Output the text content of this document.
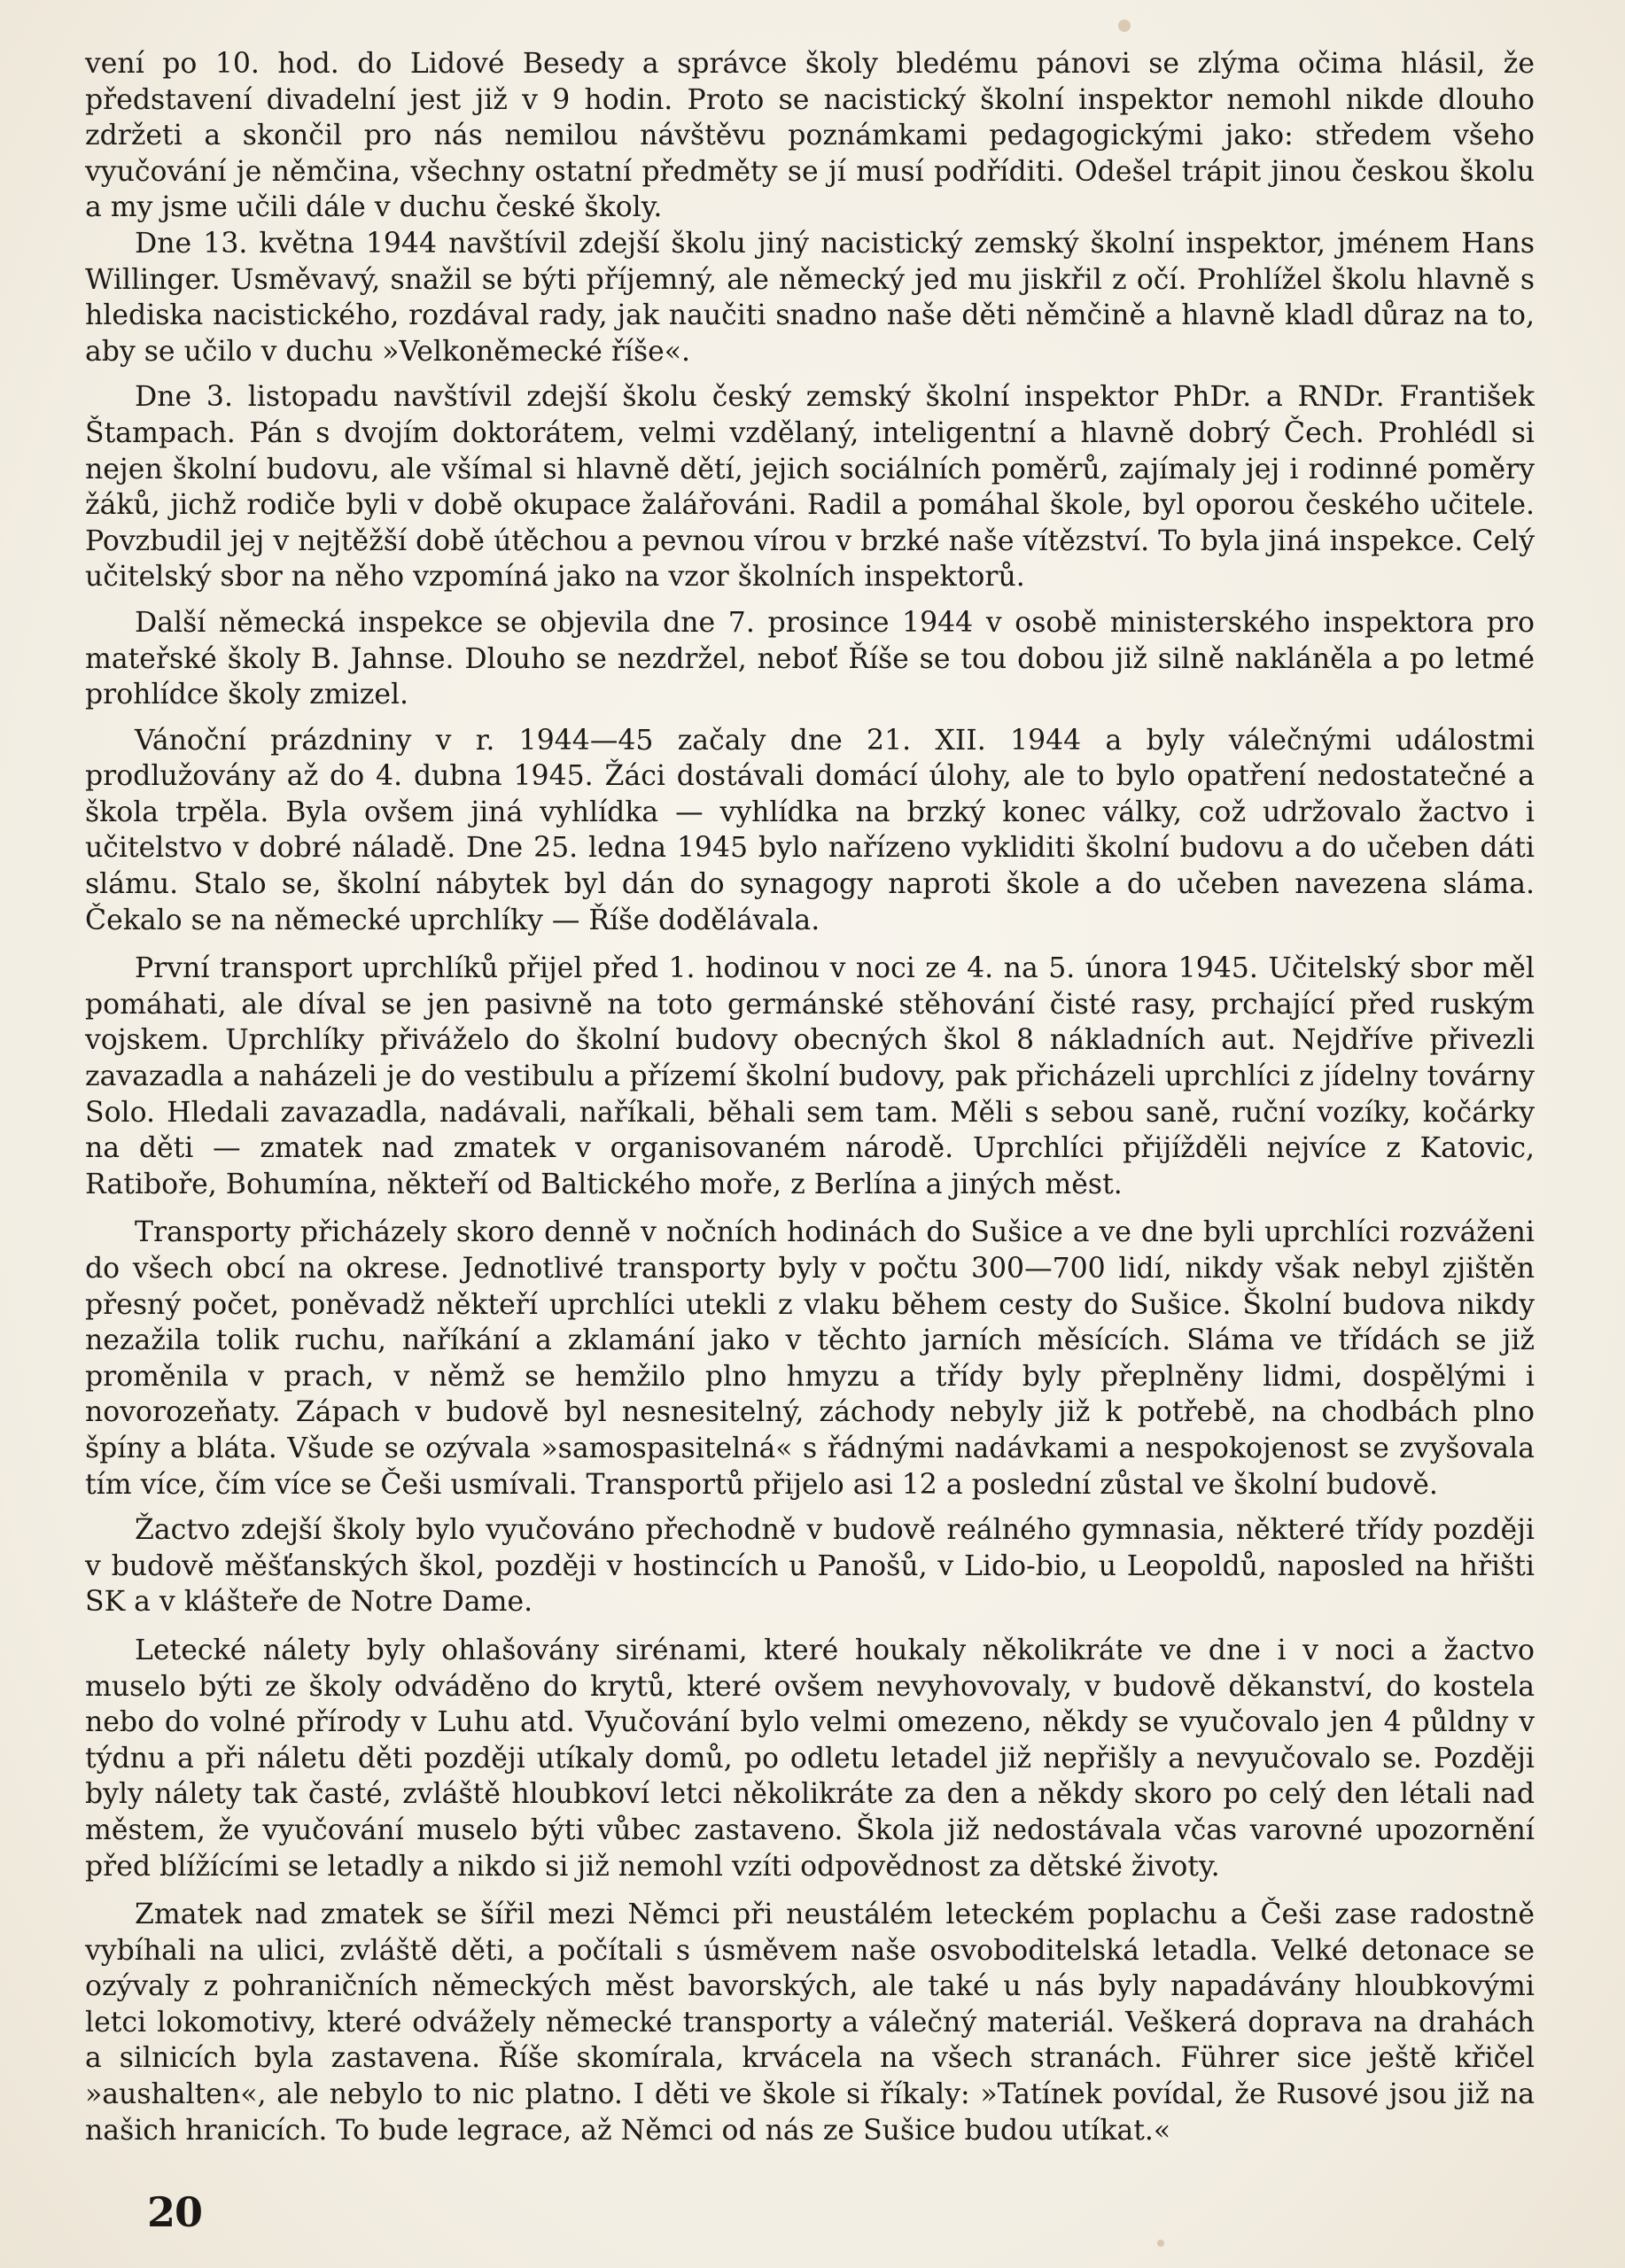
vení po 10. hod. do Lidové Besedy a správce školy bledému pánovi se zlýma očima hlásil, že představení divadelní jest již v 9 hodin. Proto se nacistický školní inspektor nemohl nikde dlouho zdržeti a skončil pro nás nemilou návštěvu poznámkami pedagogickými jako: středem všeho vyučování je němčina, všechny ostatní předměty se jí musí podříditi. Odešel trápit jinou českou školu a my jsme učili dále v duchu české školy.

Dne 13. května 1944 navštívil zdejší školu jiný nacistický zemský školní inspektor, jménem Hans Willinger. Usměvavý, snažil se býti příjemný, ale německý jed mu jiskřil z očí. Prohlížel školu hlavně s hlediska nacistického, rozdával rady, jak naučiti snadno naše děti němčině a hlavně kladl důraz na to, aby se učilo v duchu »Velkoněmecké říše«.

Dne 3. listopadu navštívil zdejší školu český zemský školní inspektor PhDr. a RNDr. František Štampach. Pán s dvojím doktorátem, velmi vzdělaný, inteligentní a hlavně dobrý Čech. Prohlédl si nejen školní budovu, ale všímal si hlavně dětí, jejich sociálních poměrů, zajímaly jej i rodinné poměry žáků, jichž rodiče byli v době okupace žalářováni. Radil a pomáhal škole, byl oporou českého učitele. Povzbudil jej v nejtěžší době útěchou a pevnou vírou v brzké naše vítězství. To byla jiná inspekce. Celý učitelský sbor na něho vzpomíná jako na vzor školních inspektorů.

Další německá inspekce se objevila dne 7. prosince 1944 v osobě ministerského inspektora pro mateřské školy B. Jahnse. Dlouho se nezdržel, neboť Říše se tou dobou již silně nakláněla a po letmé prohlídce školy zmizel.

Vánoční prázdniny v r. 1944—45 začaly dne 21. XII. 1944 a byly válečnými událostmi prodlužovány až do 4. dubna 1945. Žáci dostávali domácí úlohy, ale to bylo opatření nedostatečné a škola trpěla. Byla ovšem jiná vyhlídka — vyhlídka na brzký konec války, což udržovalo žactvo i učitelstvo v dobré náladě. Dne 25. ledna 1945 bylo nařízeno vykliditi školní budovu a do učeben dáti slámu. Stalo se, školní nábytek byl dán do synagogy naproti škole a do učeben navezena sláma. Čekalo se na německé uprchlíky — Říše dodělávala.

První transport uprchlíků přijel před 1. hodinou v noci ze 4. na 5. února 1945. Učitelský sbor měl pomáhati, ale díval se jen pasivně na toto germánské stěhování čisté rasy, prchající před ruským vojskem. Uprchlíky přiváželo do školní budovy obecných škol 8 nákladních aut. Nejdříve přivezli zavazadla a naházeli je do vestibulu a přízemí školní budovy, pak přicházeli uprchlíci z jídelny továrny Solo. Hledali zavazadla, nadávali, naříkali, běhali sem tam. Měli s sebou saně, ruční vozíky, kočárky na děti — zmatek nad zmatek v organisovaném národě. Uprchlíci přijížděli nejvíce z Katovic, Ratiboře, Bohumína, někteří od Baltického moře, z Berlína a jiných měst.

Transporty přicházely skoro denně v nočních hodinách do Sušice a ve dne byli uprchlíci rozváženi do všech obcí na okrese. Jednotlivé transporty byly v počtu 300—700 lidí, nikdy však nebyl zjištěn přesný počet, poněvadž někteří uprchlíci utekli z vlaku během cesty do Sušice. Školní budova nikdy nezažila tolik ruchu, naříkání a zklamání jako v těchto jarních měsících. Sláma ve třídách se již proměnila v prach, v němž se hemžilo plno hmyzu a třídy byly přeplněny lidmi, dospělými i novorozeňaty. Zápach v budově byl nesnesitelný, záchody nebyly již k potřebě, na chodbách plno špíny a bláta. Všude se ozývala »samospasitelná« s řádnými nadávkami a nespokojenost se zvyšovala tím více, čím více se Češi usmívali. Transportů přijelo asi 12 a poslední zůstal ve školní budově.

Žactvo zdejší školy bylo vyučováno přechodně v budově reálného gymnasia, některé třídy později v budově měšťanských škol, později v hostincích u Panošů, v Lido-bio, u Leopoldů, naposled na hřišti SK a v klášteře de Notre Dame.

Letecké nálety byly ohlašovány sirénami, které houkaly několikráte ve dne i v noci a žactvo muselo býti ze školy odváděno do krytů, které ovšem nevyhovovaly, v budově děkanství, do kostela nebo do volné přírody v Luhu atd. Vyučování bylo velmi omezeno, někdy se vyučovalo jen 4 půldny v týdnu a při náletu děti později utíkaly domů, po odletu letadel již nepřišly a nevyučovalo se. Později byly nálety tak časté, zvláště hloubkoví letci několikráte za den a někdy skoro po celý den létali nad městem, že vyučování muselo býti vůbec zastaveno. Škola již nedostávala včas varovné upozornění před blížícími se letadly a nikdo si již nemohl vzíti odpovědnost za dětské životy.

Zmatek nad zmatek se šířil mezi Němci při neustálém leteckém poplachu a Češi zase radostně vybíhali na ulici, zvláště děti, a počítali s úsměvem naše osvoboditelská letadla. Velké detonace se ozývaly z pohraničních německých měst bavorských, ale také u nás byly napadávány hloubkovými letci lokomotivy, které odvážely německé transporty a válečný materiál. Veškerá doprava na drahách a silnicích byla zastavena. Říše skomírala, krvácela na všech stranách. Führer sice ještě křičel »aushalten«, ale nebylo to nic platno. I děti ve škole si říkaly: »Tatínek povídal, že Rusové jsou již na našich hranicích. To bude legrace, až Němci od nás ze Sušice budou utíkat.«

20
